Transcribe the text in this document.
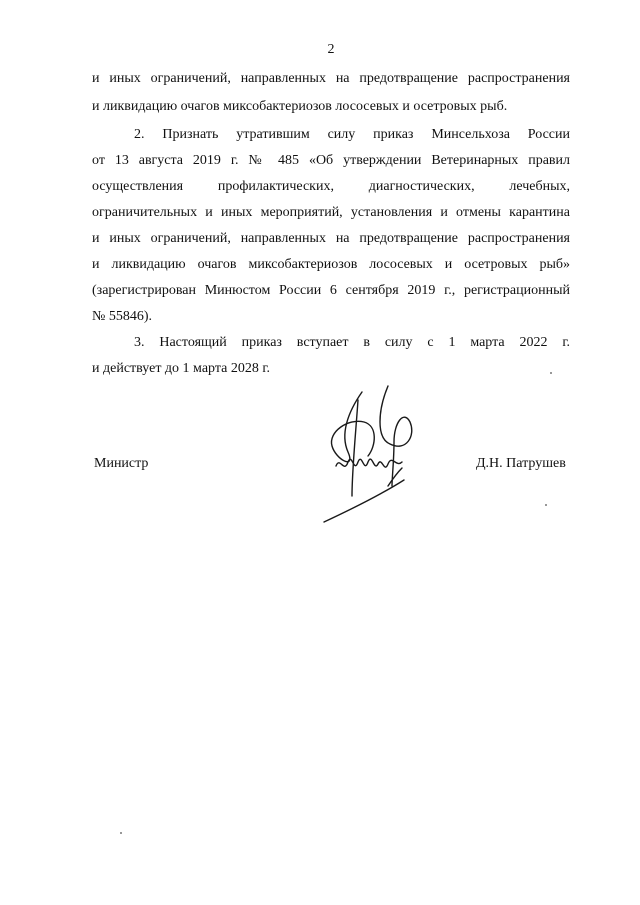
2
и иных ограничений, направленных на предотвращение распространения
и ликвидацию очагов миксобактериозов лососевых и осетровых рыб.
2. Признать утратившим силу приказ Минсельхоза России
от 13 августа 2019 г. № 485 «Об утверждении Ветеринарных правил
осуществления профилактических, диагностических, лечебных,
ограничительных и иных мероприятий, установления и отмены карантина
и иных ограничений, направленных на предотвращение распространения
и ликвидацию очагов миксобактериозов лососевых и осетровых рыб»
(зарегистрирован Минюстом России 6 сентября 2019 г., регистрационный
№ 55846).
3. Настоящий приказ вступает в силу с 1 марта 2022 г.
и действует до 1 марта 2028 г.
Министр	Д.Н. Патрушев
